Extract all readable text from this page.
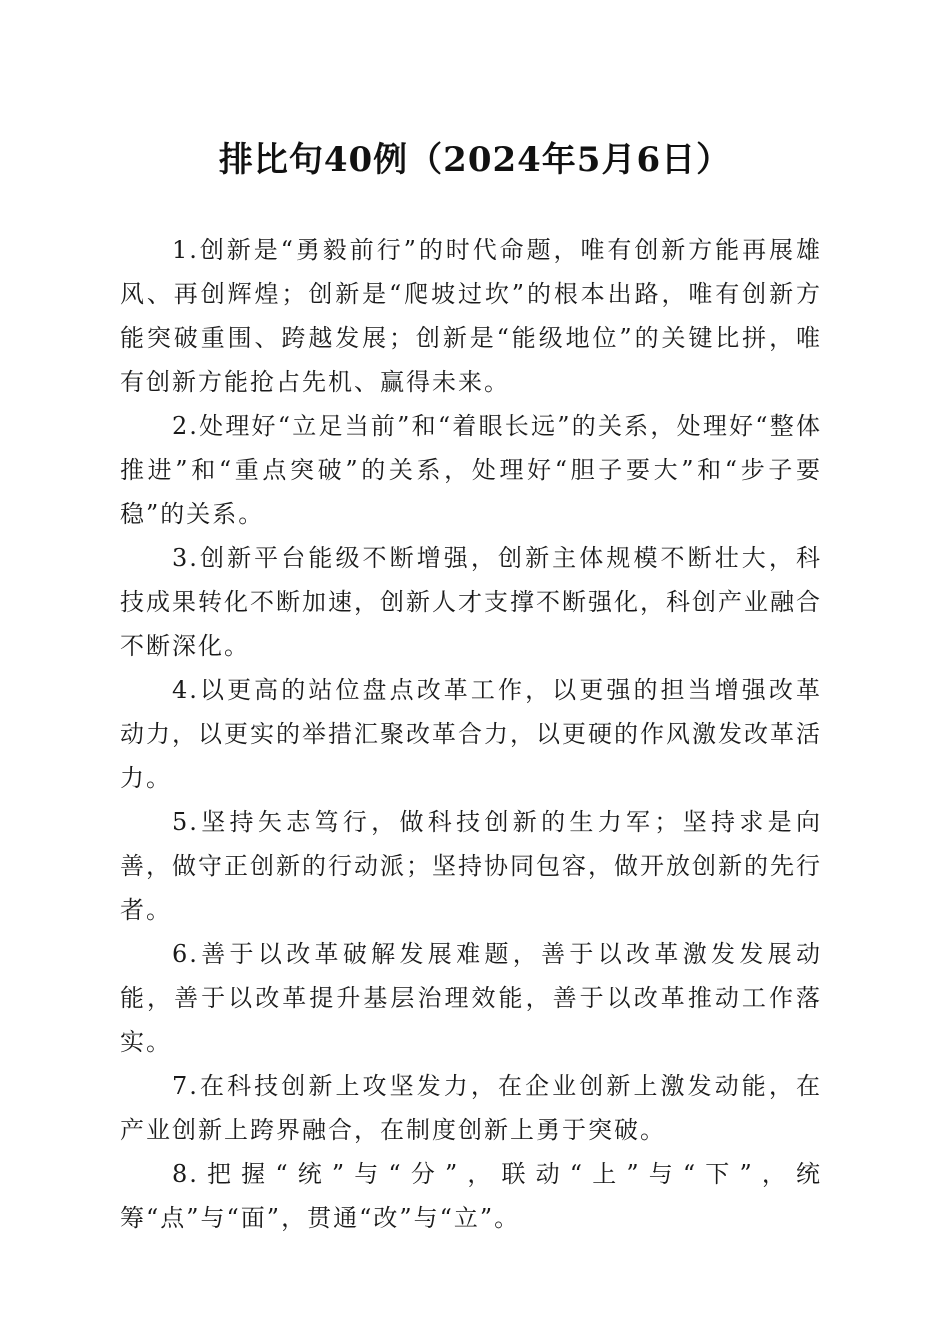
排比句40例（2024年5月6日）

1.创新是“勇毅前行”的时代命题，唯有创新方能再展雄风、再创辉煌；创新是“爬坡过坎”的根本出路，唯有创新方能突破重围、跨越发展；创新是“能级地位”的关键比拼，唯有创新方能抢占先机、赢得未来。

2.处理好“立足当前”和“着眼长远”的关系，处理好“整体推进”和“重点突破”的关系，处理好“胆子要大”和“步子要稳”的关系。

3.创新平台能级不断增强，创新主体规模不断壮大，科技成果转化不断加速，创新人才支撑不断强化，科创产业融合不断深化。

4.以更高的站位盘点改革工作，以更强的担当增强改革动力，以更实的举措汇聚改革合力，以更硬的作风激发改革活力。

5.坚持矢志笃行，做科技创新的生力军；坚持求是向善，做守正创新的行动派；坚持协同包容，做开放创新的先行者。

6.善于以改革破解发展难题，善于以改革激发发展动能，善于以改革提升基层治理效能，善于以改革推动工作落实。

7.在科技创新上攻坚发力，在企业创新上激发动能，在产业创新上跨界融合，在制度创新上勇于突破。

8.把握“统”与“分”，联动“上”与“下”，统筹“点”与“面”，贯通“改”与“立”。
